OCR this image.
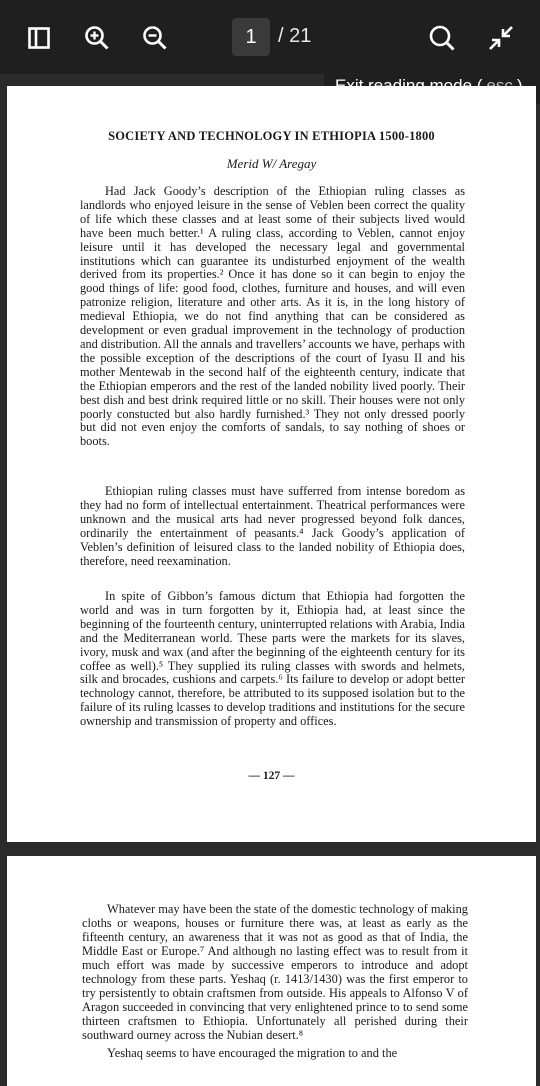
1	/ 21
SOCIETY AND TECHNOLOGY IN ETHIOPIA 1500-1800
Merid W/ Aregay

Had Jack Goody’s description of the Ethiopian ruling classes as landlords who enjoyed leisure in the sense of Veblen been correct the quality of life which these classes and at least some of their subjects lived would have been much better.¹ A ruling class, according to Veblen, cannot enjoy leisure until it has developed the necessary legal and governmental institutions which can guarantee its undisturbed enjoyment of the wealth derived from its properties.² Once it has done so it can begin to enjoy the good things of life: good food, clothes, furniture and houses, and will even patronize religion, literature and other arts. As it is, in the long history of medieval Ethiopia, we do not find anything that can be considered as development or even gradual improvement in the technology of production and distribution. All the annals and travellers’ accounts we have, perhaps with the possible exception of the descriptions of the court of Iyasu II and his mother Mentewab in the second half of the eighteenth century, indicate that the Ethiopian emperors and the rest of the landed nobility lived poorly. Their best dish and best drink required little or no skill. Their houses were not only poorly constucted but also hardly furnished.³ They not only dressed poorly but did not even enjoy the comforts of sandals, to say nothing of shoes or boots.

Ethiopian ruling classes must have sufferred from intense boredom as they had no form of intellectual entertainment. Theatrical performances were unknown and the musical arts had never progressed beyond folk dances, ordinarily the entertainment of peasants.⁴ Jack Goody’s application of Veblen’s definition of leisured class to the landed nobility of Ethiopia does, therefore, need reexamination.

In spite of Gibbon’s famous dictum that Ethiopia had forgotten the world and was in turn forgotten by it, Ethiopia had, at least since the beginning of the fourteenth century, uninterrupted relations with Arabia, India and the Mediterranean world. These parts were the markets for its slaves, ivory, musk and wax (and after the beginning of the eighteenth century for its coffee as well).⁵ They supplied its ruling classes with swords and helmets, silk and brocades, cushions and carpets.⁶ Its failure to develop or adopt better technology cannot, therefore, be attributed to its supposed isolation but to the failure of its ruling lcasses to develop traditions and institutions for the secure ownership and transmission of property and offices.

— 127 —

Whatever may have been the state of the domestic technology of making cloths or weapons, houses or furniture there was, at least as early as the fifteenth century, an awareness that it was not as good as that of India, the Middle East or Europe.⁷ And although no lasting effect was to result from it much effort was made by successive emperors to introduce and adopt technology from these parts. Yeshaq (r. 1413/1430) was the first emperor to try persistently to obtain craftsmen from outside. His appeals to Alfonso V of Aragon succeeded in convincing that very enlightened prince to to send some thirteen craftsmen to Ethiopia. Unfortunately all perished during their southward ourney across the Nubian desert.⁸

Yeshaq seems to have encouraged the migration to and the
